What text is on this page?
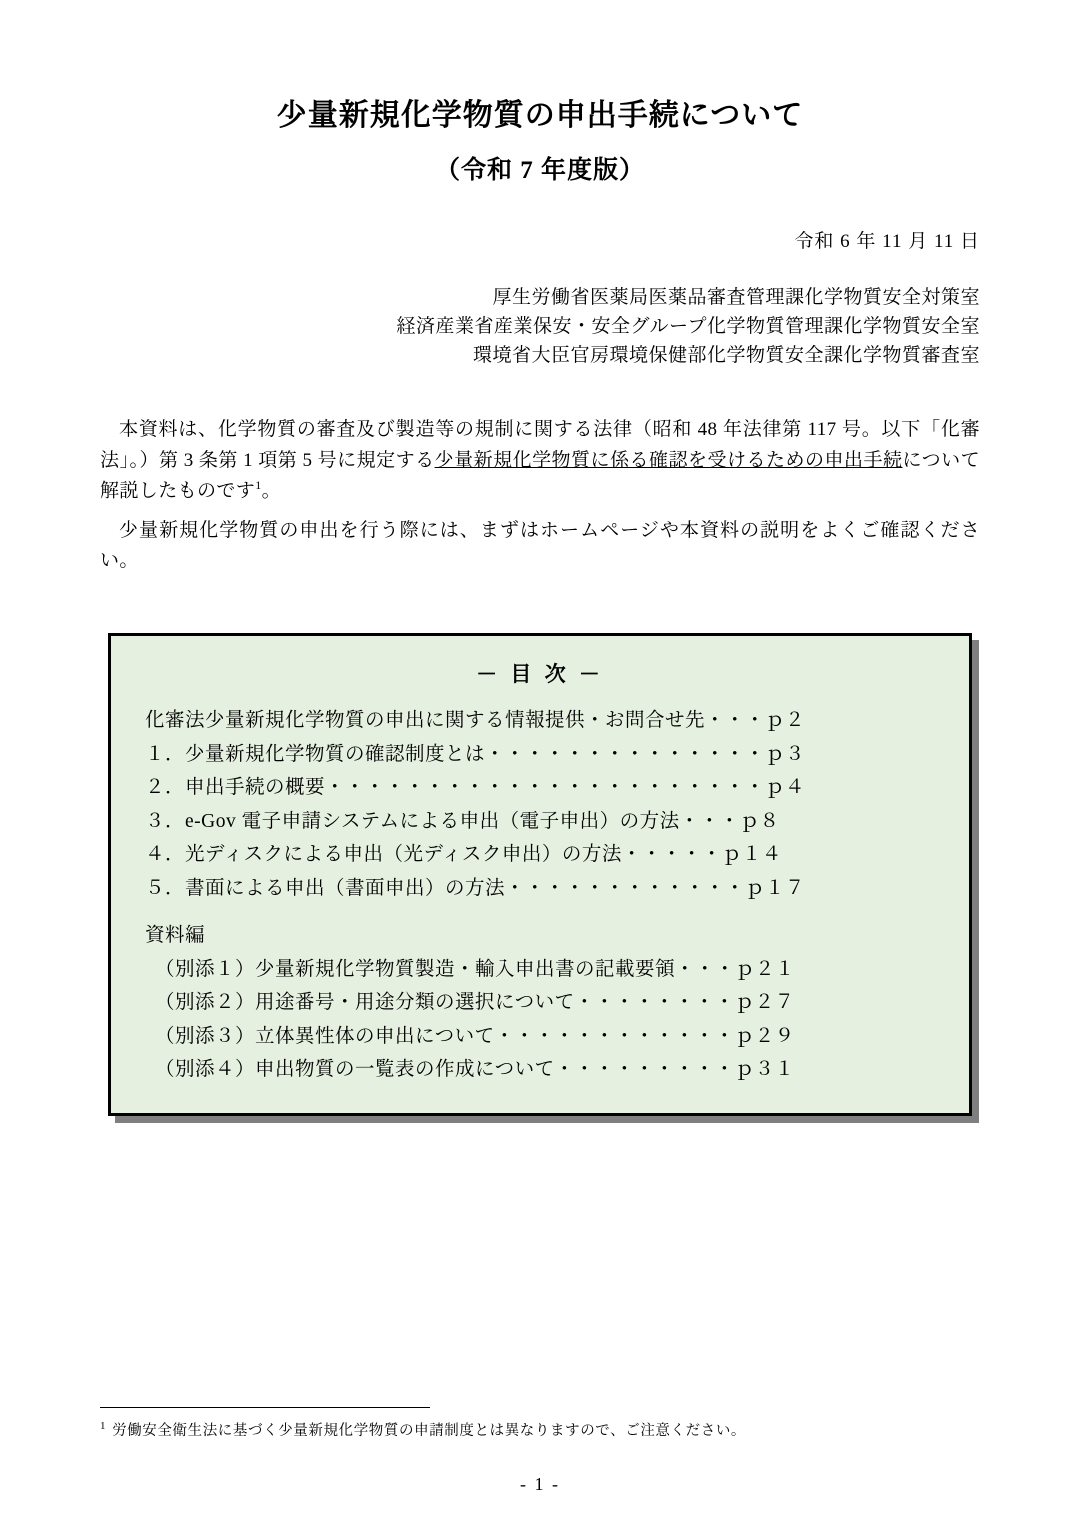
少量新規化学物質の申出手続について
（令和 7 年度版）
令和 6 年 11 月 11 日
厚生労働省医薬局医薬品審査管理課化学物質安全対策室
経済産業省産業保安・安全グループ化学物質管理課化学物質安全室
環境省大臣官房環境保健部化学物質安全課化学物質審査室

本資料は、化学物質の審査及び製造等の規制に関する法律（昭和 48 年法律第 117 号。以下「化審法」。）第 3 条第 1 項第 5 号に規定する少量新規化学物質に係る確認を受けるための申出手続について解説したものです$^1$。

少量新規化学物質の申出を行う際には、まずはホームページや本資料の説明をよくご確認ください。

－ 目 次 －
化審法少量新規化学物質の申出に関する情報提供・お問合せ先・・・ｐ２
１．少量新規化学物質の確認制度とは・・・・・・・・・・・・・・ｐ３
２．申出手続の概要・・・・・・・・・・・・・・・・・・・・・・ｐ４
３．e-Gov 電子申請システムによる申出（電子申出）の方法・・・ｐ８
４．光ディスクによる申出（光ディスク申出）の方法・・・・・ｐ１４
５．書面による申出（書面申出）の方法・・・・・・・・・・・・ｐ１７
資料編
（別添１）少量新規化学物質製造・輸入申出書の記載要領・・・ｐ２１
（別添２）用途番号・用途分類の選択について・・・・・・・・ｐ２７
（別添３）立体異性体の申出について・・・・・・・・・・・・ｐ２９
（別添４）申出物質の一覧表の作成について・・・・・・・・・ｐ３１
$^1$ 労働安全衛生法に基づく少量新規化学物質の申請制度とは異なりますので、ご注意ください。
- 1 -
